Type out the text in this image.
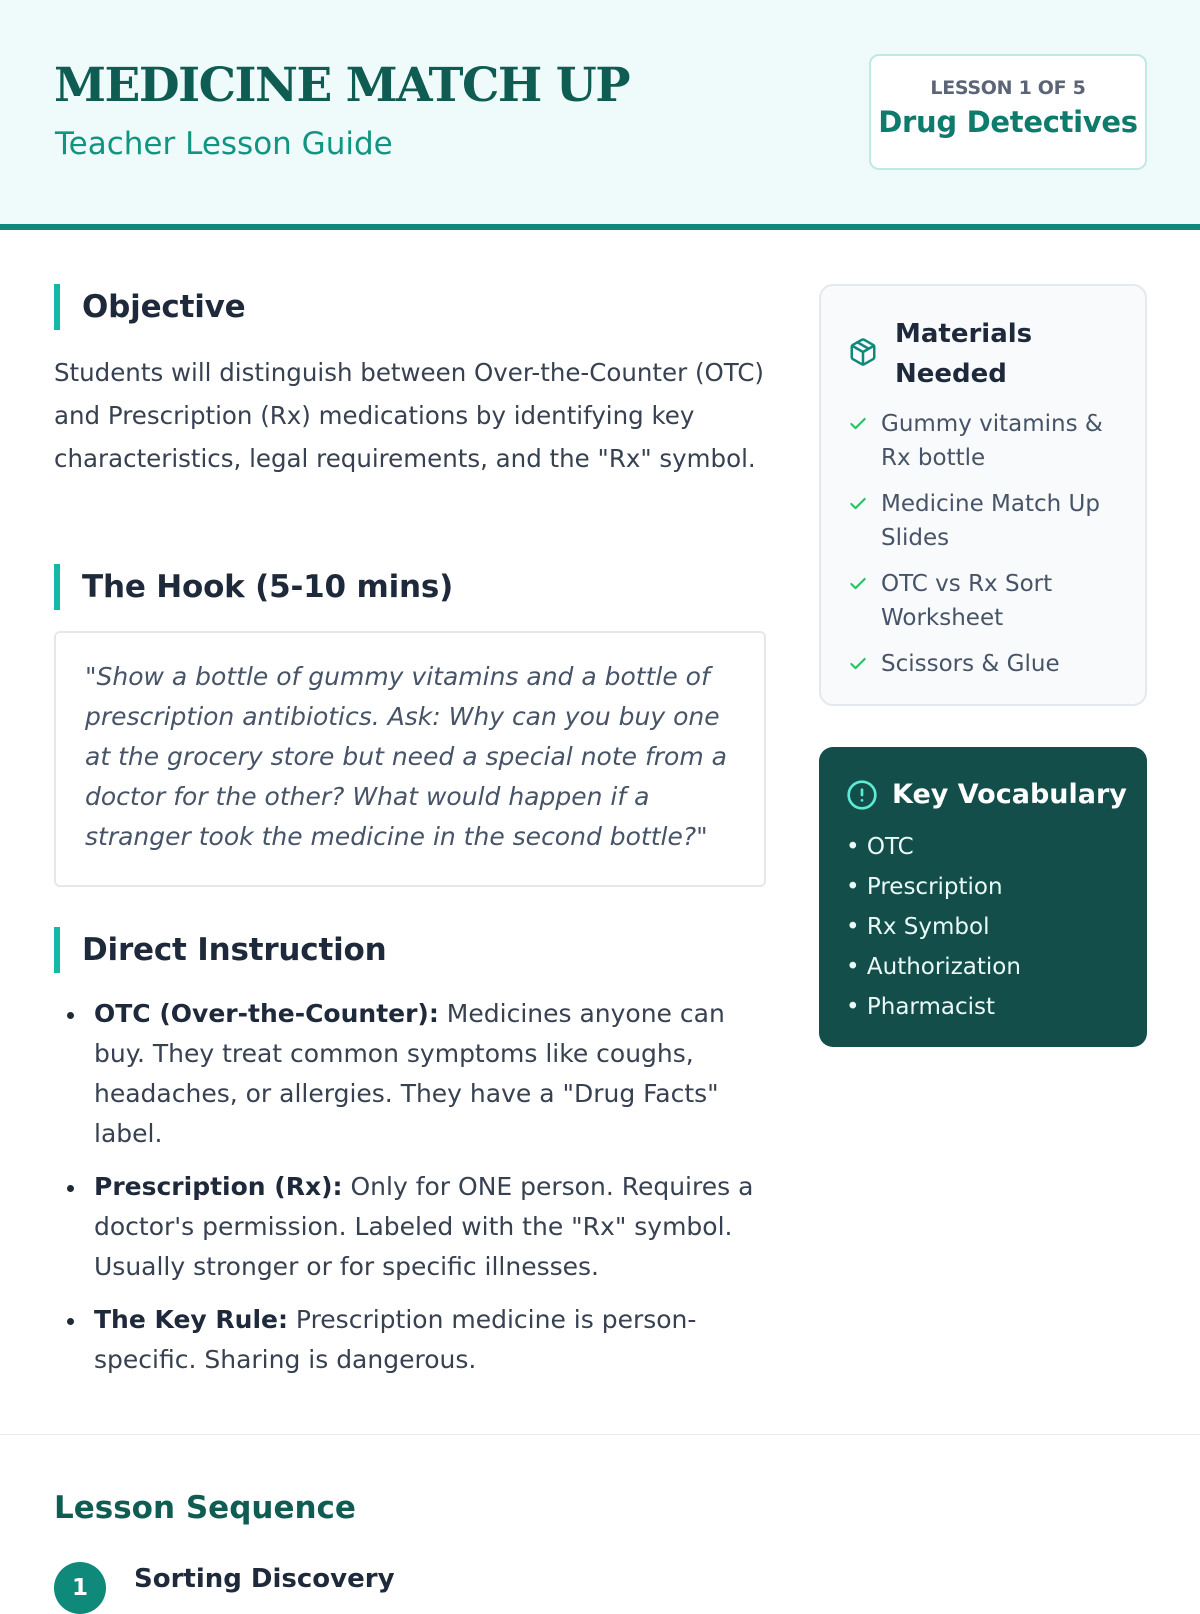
MEDICINE MATCH UP
Teacher Lesson Guide
LESSON 1 OF 5
Drug Detectives
Objective

Students will distinguish between Over-the-Counter (OTC) and Prescription (Rx) medications by identifying key characteristics, legal requirements, and the "Rx" symbol.

The Hook (5-10 mins)
"Show a bottle of gummy vitamins and a bottle of prescription antibiotics. Ask: Why can you buy one at the grocery store but need a special note from a doctor for the other? What would happen if a stranger took the medicine in the second bottle?"
Direct Instruction
OTC (Over-the-Counter): Medicines anyone can buy. They treat common symptoms like coughs, headaches, or allergies. They have a "Drug Facts" label.
Prescription (Rx): Only for ONE person. Requires a doctor's permission. Labeled with the "Rx" symbol. Usually stronger or for specific illnesses.
The Key Rule: Prescription medicine is person-specific. Sharing is dangerous.
Materials Needed
Gummy vitamins & Rx bottle
Medicine Match Up Slides
OTC vs Rx Sort Worksheet
Scissors & Glue
Key Vocabulary
• OTC
• Prescription
• Rx Symbol
• Authorization
• Pharmacist
Lesson Sequence
1	Sorting Discovery
